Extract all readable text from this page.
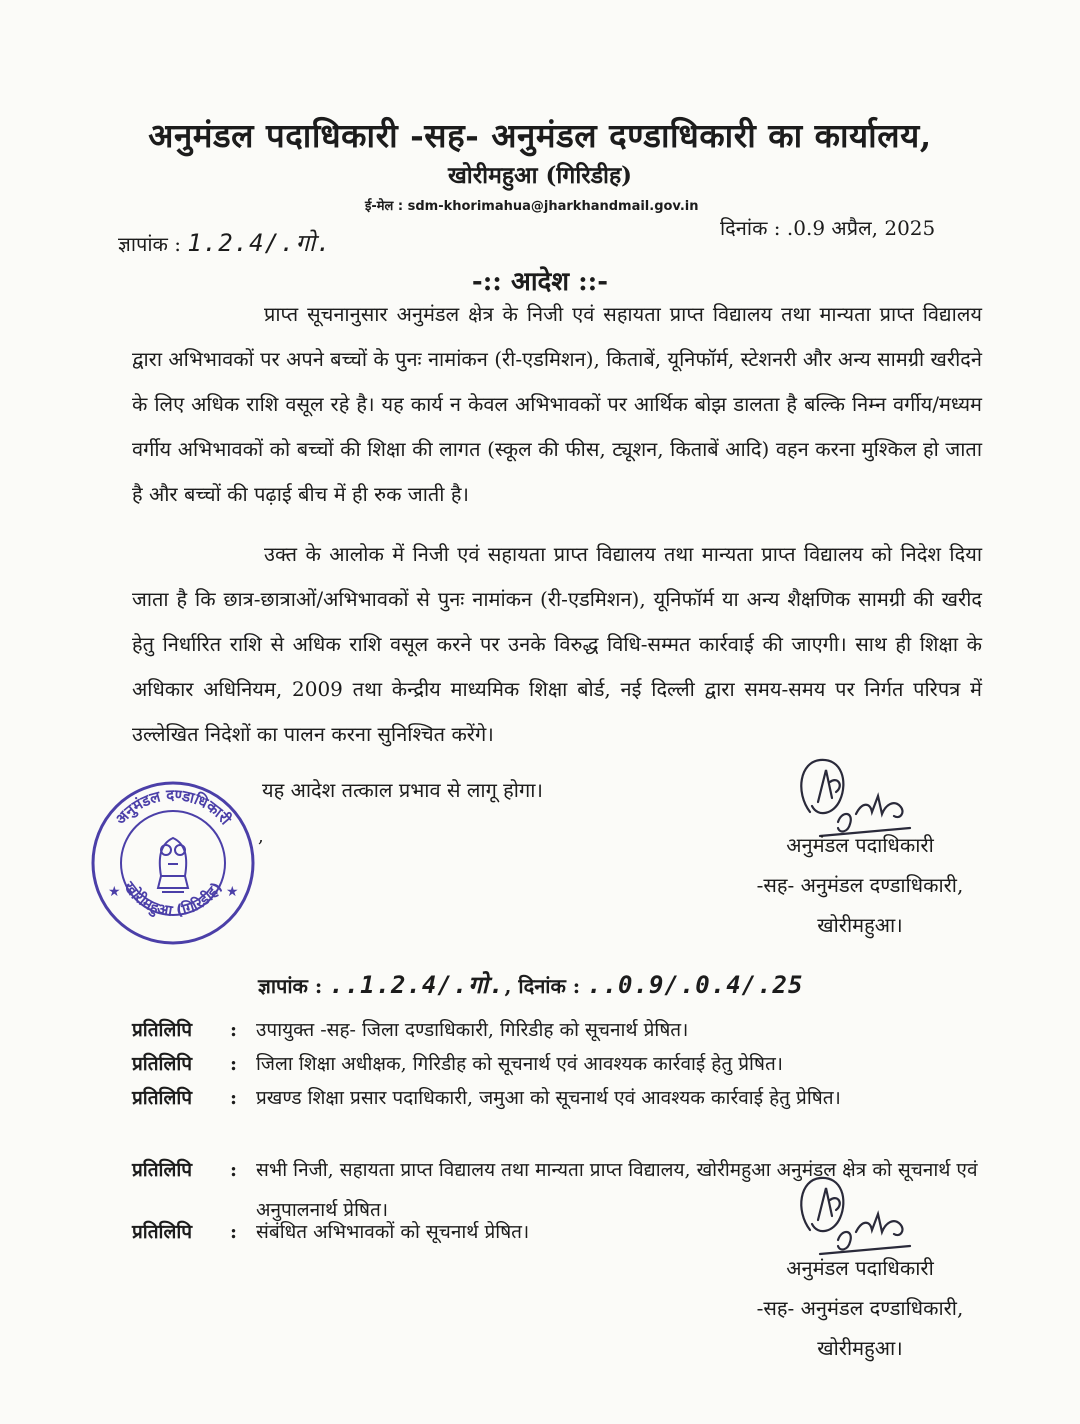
अनुमंडल पदाधिकारी -सह- अनुमंडल दण्डाधिकारी का कार्यालय,
खोरीमहुआ (गिरिडीह)
ई-मेल : sdm-khorimahua@jharkhandmail.gov.in
ज्ञापांक : 1.2.4/.गो.
दिनांक : .0.9 अप्रैल, 2025
-:: आदेश ::-
प्राप्त सूचनानुसार अनुमंडल क्षेत्र के निजी एवं सहायता प्राप्त विद्यालय तथा मान्यता प्राप्त विद्यालय द्वारा अभिभावकों पर अपने बच्चों के पुनः नामांकन (री-एडमिशन), किताबें, यूनिफॉर्म, स्टेशनरी और अन्य सामग्री खरीदने के लिए अधिक राशि वसूल रहे है। यह कार्य न केवल अभिभावकों पर आर्थिक बोझ डालता है बल्कि निम्न वर्गीय/मध्यम वर्गीय अभिभावकों को बच्चों की शिक्षा की लागत (स्कूल की फीस, ट्यूशन, किताबें आदि) वहन करना मुश्किल हो जाता है और बच्चों की पढ़ाई बीच में ही रुक जाती है।
उक्त के आलोक में निजी एवं सहायता प्राप्त विद्यालय तथा मान्यता प्राप्त विद्यालय को निदेश दिया जाता है कि छात्र-छात्राओं/अभिभावकों से पुनः नामांकन (री-एडमिशन), यूनिफॉर्म या अन्य शैक्षणिक सामग्री की खरीद हेतु निर्धारित राशि से अधिक राशि वसूल करने पर उनके विरुद्ध विधि-सम्मत कार्रवाई की जाएगी। साथ ही शिक्षा के अधिकार अधिनियम, 2009 तथा केन्द्रीय माध्यमिक शिक्षा बोर्ड, नई दिल्ली द्वारा समय-समय पर निर्गत परिपत्र में उल्लेखित निदेशों का पालन करना सुनिश्चित करेंगे।
यह आदेश तत्काल प्रभाव से लागू होगा।
अनुमंडल दण्डाधिकारी
खोरीमहुआ (गिरिडीह)
★	★
,	अनुमंडल पदाधिकारी
-सह- अनुमंडल दण्डाधिकारी,
खोरीमहुआ।
ज्ञापांक : ..1.2.4/.गो., दिनांक : ..0.9/.0.4/.25
प्रतिलिपि	: उपायुक्त -सह- जिला दण्डाधिकारी, गिरिडीह को सूचनार्थ प्रेषित।
प्रतिलिपि	: जिला शिक्षा अधीक्षक, गिरिडीह को सूचनार्थ एवं आवश्यक कार्रवाई हेतु प्रेषित।
प्रतिलिपि	: प्रखण्ड शिक्षा प्रसार पदाधिकारी, जमुआ को सूचनार्थ एवं आवश्यक कार्रवाई हेतु प्रेषित।
प्रतिलिपि	: सभी निजी, सहायता प्राप्त विद्यालय तथा मान्यता प्राप्त विद्यालय, खोरीमहुआ अनुमंडल क्षेत्र को सूचनार्थ एवं अनुपालनार्थ प्रेषित।
प्रतिलिपि	: संबंधित अभिभावकों को सूचनार्थ प्रेषित।
अनुमंडल पदाधिकारी
-सह- अनुमंडल दण्डाधिकारी,
खोरीमहुआ।
